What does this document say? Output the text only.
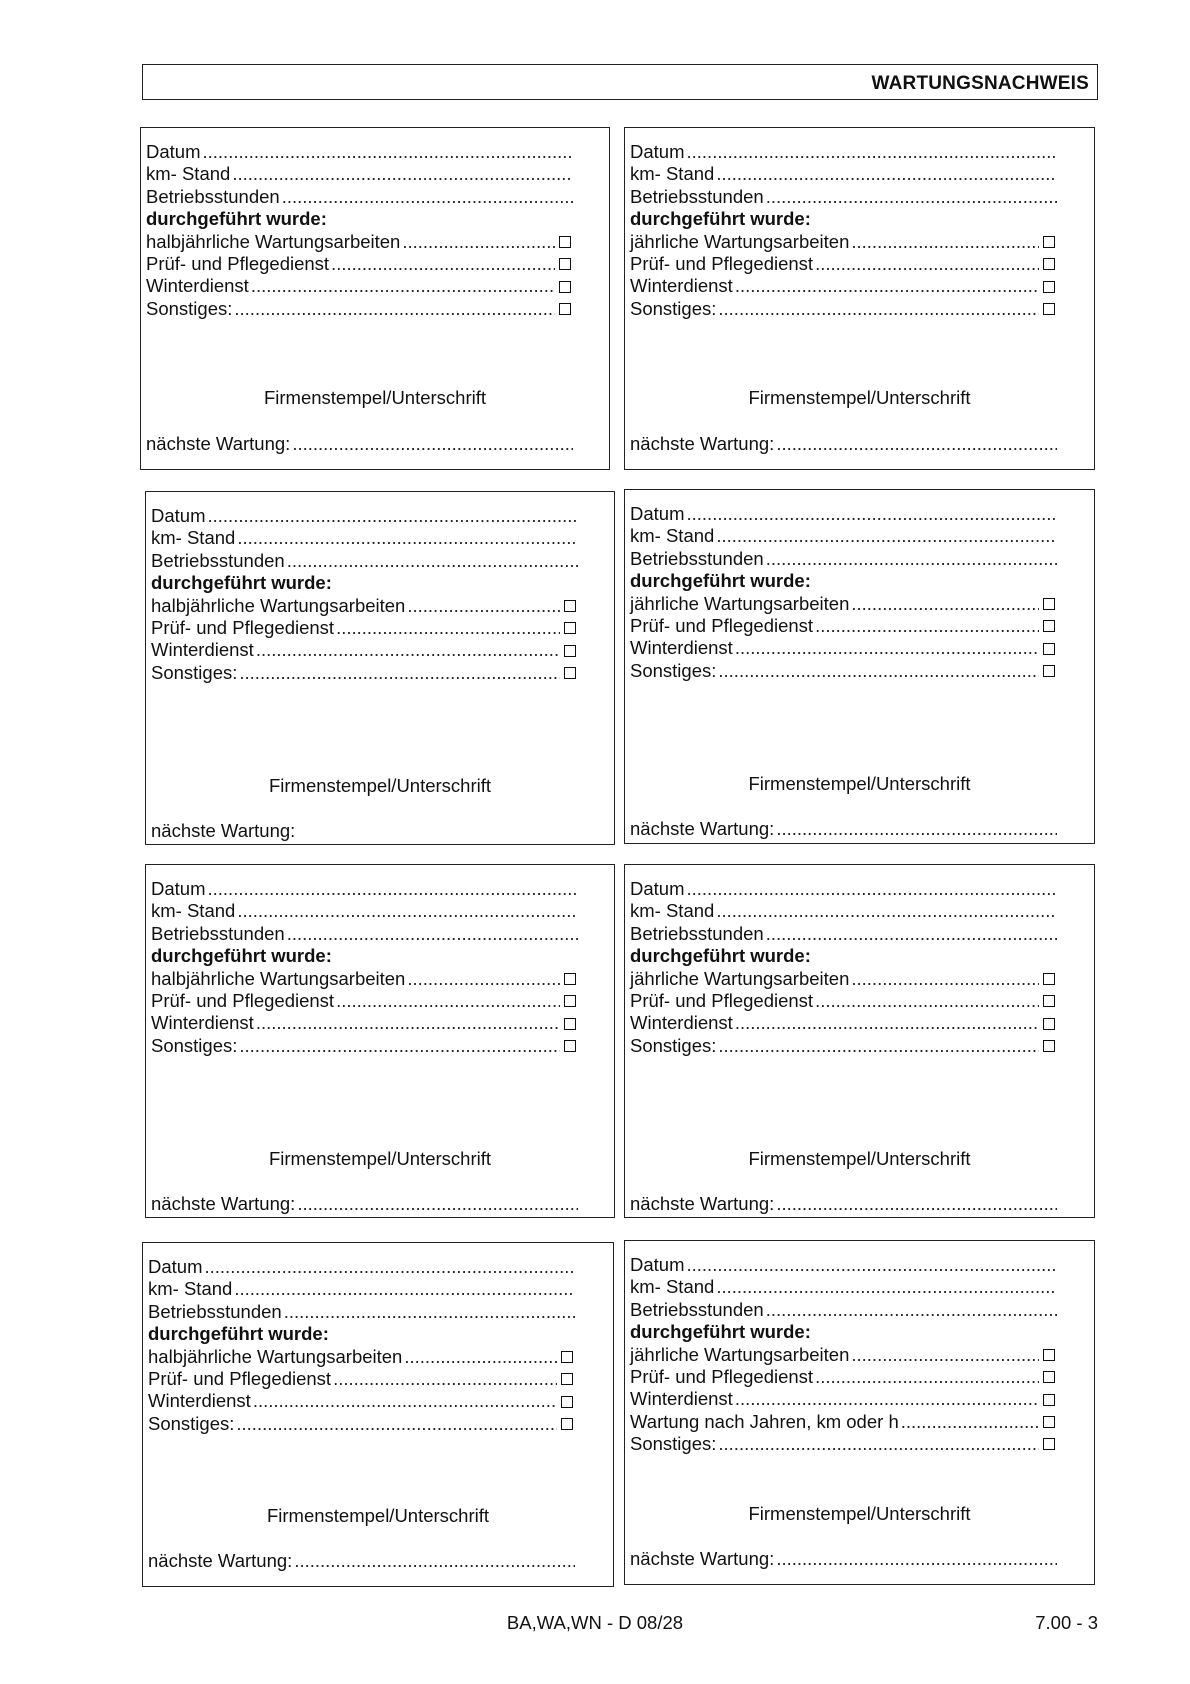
WARTUNGSNACHWEIS
Datum
.....
km- Stand
.....
Betriebsstunden
.....
durchgeführt wurde:
halbjährliche Wartungsarbeiten
.....
Prüf- und Pflegedienst
.....
Winterdienst
.....
Sonstiges:
.....
Firmenstempel/Unterschrift
nächste Wartung:
.....
Datum
.....
km- Stand
.....
Betriebsstunden
.....
durchgeführt wurde:
jährliche Wartungsarbeiten
.....
Prüf- und Pflegedienst
.....
Winterdienst
.....
Sonstiges:
.....
Firmenstempel/Unterschrift
nächste Wartung:
.....
Datum
.....
km- Stand
.....
Betriebsstunden
.....
durchgeführt wurde:
halbjährliche Wartungsarbeiten
.....
Prüf- und Pflegedienst
.....
Winterdienst
.....
Sonstiges:
.....
Firmenstempel/Unterschrift
nächste Wartung:
Datum
.....
km- Stand
.....
Betriebsstunden
.....
durchgeführt wurde:
jährliche Wartungsarbeiten
.....
Prüf- und Pflegedienst
.....
Winterdienst
.....
Sonstiges:
.....
Firmenstempel/Unterschrift
nächste Wartung:
.....
Datum
.....
km- Stand
.....
Betriebsstunden
.....
durchgeführt wurde:
halbjährliche Wartungsarbeiten
.....
Prüf- und Pflegedienst
.....
Winterdienst
.....
Sonstiges:
.....
Firmenstempel/Unterschrift
nächste Wartung:
.....
Datum
.....
km- Stand
.....
Betriebsstunden
.....
durchgeführt wurde:
jährliche Wartungsarbeiten
.....
Prüf- und Pflegedienst
.....
Winterdienst
.....
Sonstiges:
.....
Firmenstempel/Unterschrift
nächste Wartung:
.....
Datum
.....
km- Stand
.....
Betriebsstunden
.....
durchgeführt wurde:
halbjährliche Wartungsarbeiten
.....
Prüf- und Pflegedienst
.....
Winterdienst
.....
Sonstiges:
.....
Firmenstempel/Unterschrift
nächste Wartung:
.....
Datum
.....
km- Stand
.....
Betriebsstunden
.....
durchgeführt wurde:
jährliche Wartungsarbeiten
.....
Prüf- und Pflegedienst
.....
Winterdienst
.....
Wartung nach Jahren, km oder h
.....
Sonstiges:
.....
Firmenstempel/Unterschrift
nächste Wartung:
.....
BA,WA,WN - D 08/28	7.00 - 3
